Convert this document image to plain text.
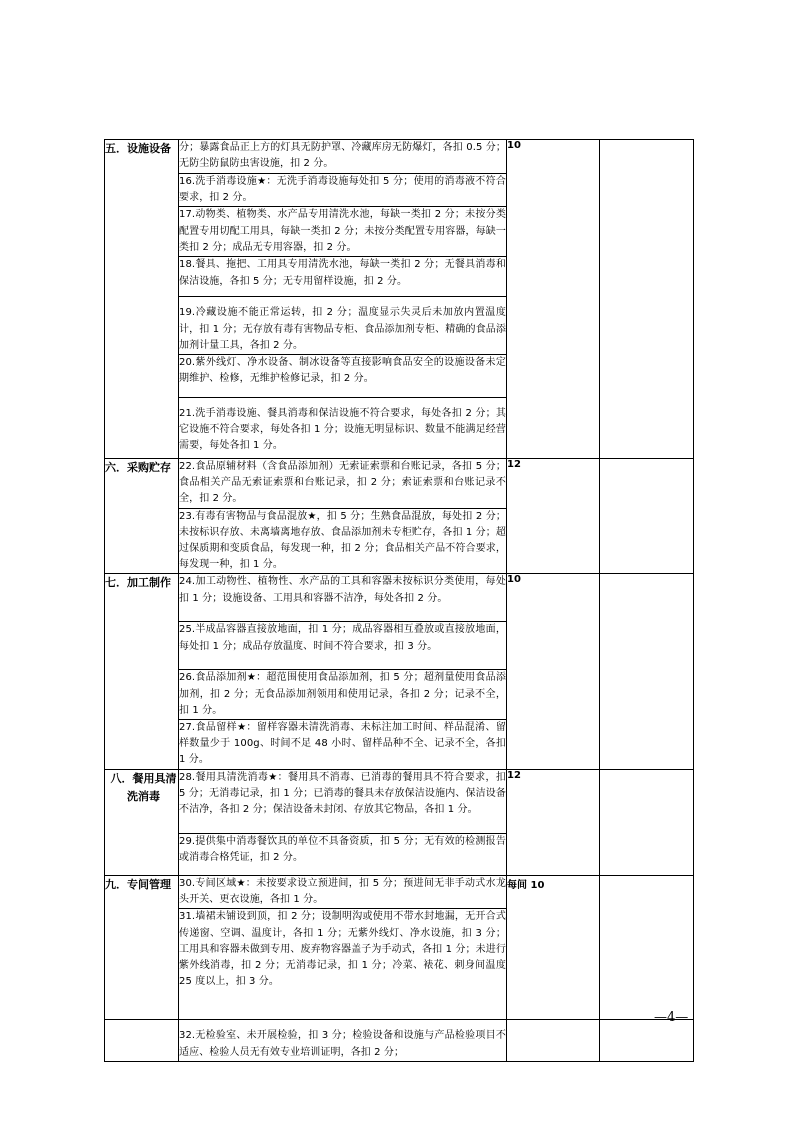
五．设施设备	分；暴露食品正上方的灯具无防护罩、冷藏库房无防爆灯，各扣 0.5 分；无防尘防鼠防虫害设施，扣 2 分。	10	
	16.洗手消毒设施★：无洗手消毒设施每处扣 5 分；使用的消毒液不符合要求，扣 2 分。		
	17.动物类、植物类、水产品专用清洗水池，每缺一类扣 2 分；未按分类配置专用切配工用具，每缺一类扣 2 分；未按分类配置专用容器，每缺一类扣 2 分；成品无专用容器，扣 2 分。		
	18.餐具、拖把、工用具专用清洗水池，每缺一类扣 2 分；无餐具消毒和保洁设施，各扣 5 分；无专用留样设施，扣 2 分。		
	19.冷藏设施不能正常运转，扣 2 分；温度显示失灵后未加放内置温度计，扣 1 分；无存放有毒有害物品专柜、食品添加剂专柜、精确的食品添加剂计量工具，各扣 2 分。		
	20.紫外线灯、净水设备、制冰设备等直接影响食品安全的设施设备未定期维护、检修，无维护检修记录，扣 2 分。		
	21.洗手消毒设施、餐具消毒和保洁设施不符合要求，每处各扣 2 分；其它设施不符合要求，每处各扣 1 分；设施无明显标识、数量不能满足经营需要，每处各扣 1 分。		
六．采购贮存	22.食品原辅材料（含食品添加剂）无索证索票和台账记录，各扣 5 分；食品相关产品无索证索票和台账记录，扣 2 分；索证索票和台账记录不全，扣 2 分。	12	
	23.有毒有害物品与食品混放★，扣 5 分；生熟食品混放，每处扣 2 分；未按标识存放、未离墙离地存放、食品添加剂未专柜贮存，各扣 1 分；超过保质期和变质食品，每发现一种，扣 2 分；食品相关产品不符合要求，每发现一种，扣 1 分。		
七．加工制作	24.加工动物性、植物性、水产品的工具和容器未按标识分类使用，每处扣 1 分；设施设备、工用具和容器不洁净，每处各扣 2 分。	10	
	25.半成品容器直接放地面，扣 1 分；成品容器相互叠放或直接放地面，每处扣 1 分；成品存放温度、时间不符合要求，扣 3 分。		
	26.食品添加剂★：超范围使用食品添加剂，扣 5 分；超剂量使用食品添加剂，扣 2 分；无食品添加剂领用和使用记录，各扣 2 分；记录不全，扣 1 分。		
	27.食品留样★：留样容器未清洗消毒、未标注加工时间、样品混淆、留样数量少于 100g、时间不足 48 小时、留样品种不全、记录不全，各扣 1 分。		
八．餐用具清洗消毒	28.餐用具清洗消毒★：餐用具不消毒、已消毒的餐用具不符合要求，扣 5 分；无消毒记录，扣 1 分；已消毒的餐具未存放保洁设施内、保洁设备不洁净，各扣 2 分；保洁设备未封闭、存放其它物品，各扣 1 分。	12	
	29.提供集中消毒餐饮具的单位不具备资质，扣 5 分；无有效的检测报告或消毒合格凭证，扣 2 分。		
九．专间管理	30.专间区域★：未按要求设立预进间，扣 5 分；预进间无非手动式水龙头开关、更衣设施，各扣 1 分。	每间 10	
	31.墙裙未铺设到顶，扣 2 分；设制明沟或使用不带水封地漏，无开合式传递窗、空调、温度计，各扣 1 分；无紫外线灯、净水设施，扣 3 分；工用具和容器未做到专用、废弃物容器盖子为手动式，各扣 1 分；未进行紫外线消毒，扣 2 分；无消毒记录，扣 1 分；冷菜、裱花、刺身间温度 25 度以上，扣 3 分。		
	32.无检验室、未开展检验，扣 3 分；检验设备和设施与产品检验项目不适应、检验人员无有效专业培训证明，各扣 2 分；		
—4—
